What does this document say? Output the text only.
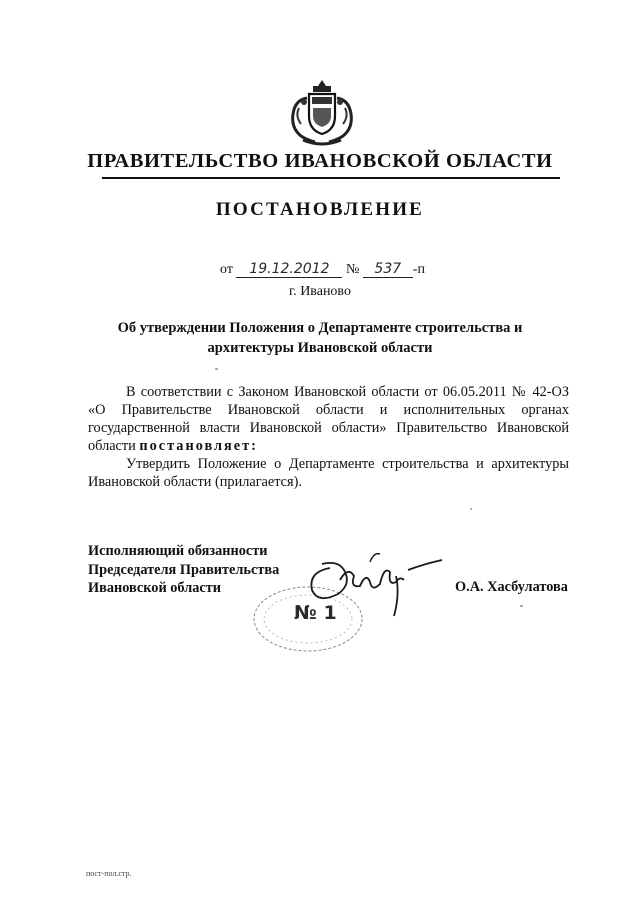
ПРАВИТЕЛЬСТВО ИВАНОВСКОЙ ОБЛАСТИ
ПОСТАНОВЛЕНИЕ
от 19.12.2012 № 537 -п
г. Иваново
Об утверждении Положения о Департаменте строительства и
архитектуры Ивановской области

В соответствии с Законом Ивановской области от 06.05.2011 № 42-ОЗ «О Правительстве Ивановской области и исполнительных органах государственной власти Ивановской области» Правительство Ивановской области постановляет:

Утвердить Положение о Департаменте строительства и архитектуры Ивановской области (прилагается).

Исполняющий обязанности
Председателя Правительства
Ивановской области
№ 1
О.А. Хасбулатова
пост-пол.стр.
